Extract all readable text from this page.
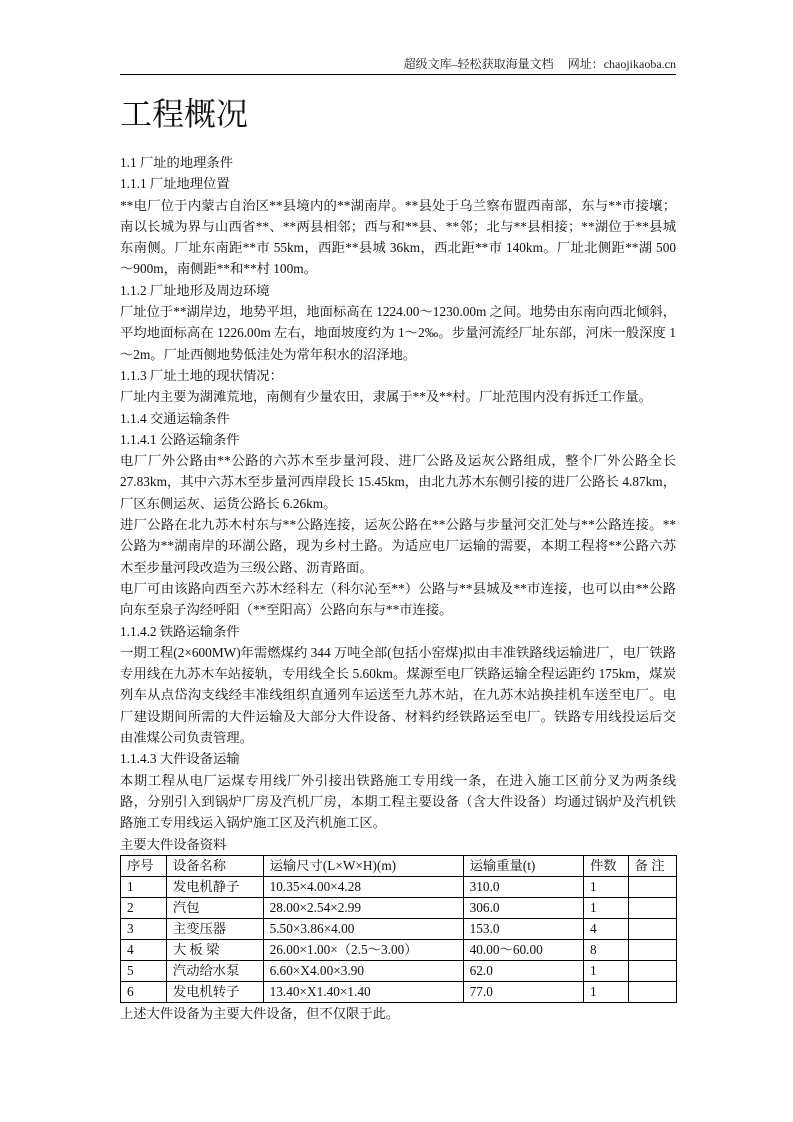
超级文库–轻松获取海量文档 网址：chaojikaoba.cn
工程概况

1.1 厂址的地理条件

1.1.1 厂址地理位置

**电厂位于内蒙古自治区**县境内的**湖南岸。**县处于乌兰察布盟西南部，东与**市接壤；南以长城为界与山西省**、**两县相邻；西与和**县、**邻；北与**县相接；**湖位于**县城东南侧。厂址东南距**市 55km，西距**县城 36km，西北距**市 140km。厂址北侧距**湖 500～900m，南侧距**和**村 100m。

1.1.2 厂址地形及周边环境

厂址位于**湖岸边，地势平坦，地面标高在 1224.00～1230.00m 之间。地势由东南向西北倾斜，平均地面标高在 1226.00m 左右，地面坡度约为 1～2‰。步量河流经厂址东部，河床一般深度 1～2m。厂址西侧地势低洼处为常年积水的沼泽地。

1.1.3 厂址土地的现状情况：

厂址内主要为湖滩荒地，南侧有少量农田，隶属于**及**村。厂址范围内没有拆迁工作量。

1.1.4 交通运输条件

1.1.4.1 公路运输条件

电厂厂外公路由**公路的六苏木至步量河段、进厂公路及运灰公路组成，整个厂外公路全长 27.83km，其中六苏木至步量河西岸段长 15.45km，由北九苏木东侧引接的进厂公路长 4.87km，厂区东侧运灰、运货公路长 6.26km。

进厂公路在北九苏木村东与**公路连接，运灰公路在**公路与步量河交汇处与**公路连接。**公路为**湖南岸的环湖公路，现为乡村土路。为适应电厂运输的需要，本期工程将**公路六苏木至步量河段改造为三级公路、沥青路面。

电厂可由该路向西至六苏木经科左（科尔沁至**）公路与**县城及**市连接，也可以由**公路向东至泉子沟经呼阳（**至阳高）公路向东与**市连接。

1.1.4.2 铁路运输条件

一期工程(2×600MW)年需燃煤约 344 万吨全部(包括小窑煤)拟由丰准铁路线运输进厂，电厂铁路专用线在九苏木车站接轨，专用线全长 5.60km。煤源至电厂铁路运输全程运距约 175km，煤炭列车从点岱沟支线经丰准线组织直通列车运送至九苏木站，在九苏木站换挂机车送至电厂。电厂建设期间所需的大件运输及大部分大件设备、材料约经铁路运至电厂。铁路专用线投运后交由准煤公司负责管理。

1.1.4.3 大件设备运输

本期工程从电厂运煤专用线厂外引接出铁路施工专用线一条，在进入施工区前分叉为两条线路，分别引入到锅炉厂房及汽机厂房，本期工程主要设备（含大件设备）均通过锅炉及汽机铁路施工专用线运入锅炉施工区及汽机施工区。

主要大件设备资料

序号	设备名称	运输尺寸(L×W×H)(m)	运输重量(t)	件数	备 注
1	发电机静子	10.35×4.00×4.28	310.0	1	
2	汽包	28.00×2.54×2.99	306.0	1	
3	主变压器	5.50×3.86×4.00	153.0	4	
4	大 板 梁	26.00×1.00×（2.5～3.00）	40.00～60.00	8	
5	汽动给水泵	6.60×X4.00×3.90	62.0	1	
6	发电机转子	13.40×X1.40×1.40	77.0	1	

上述大件设备为主要大件设备，但不仅限于此。
